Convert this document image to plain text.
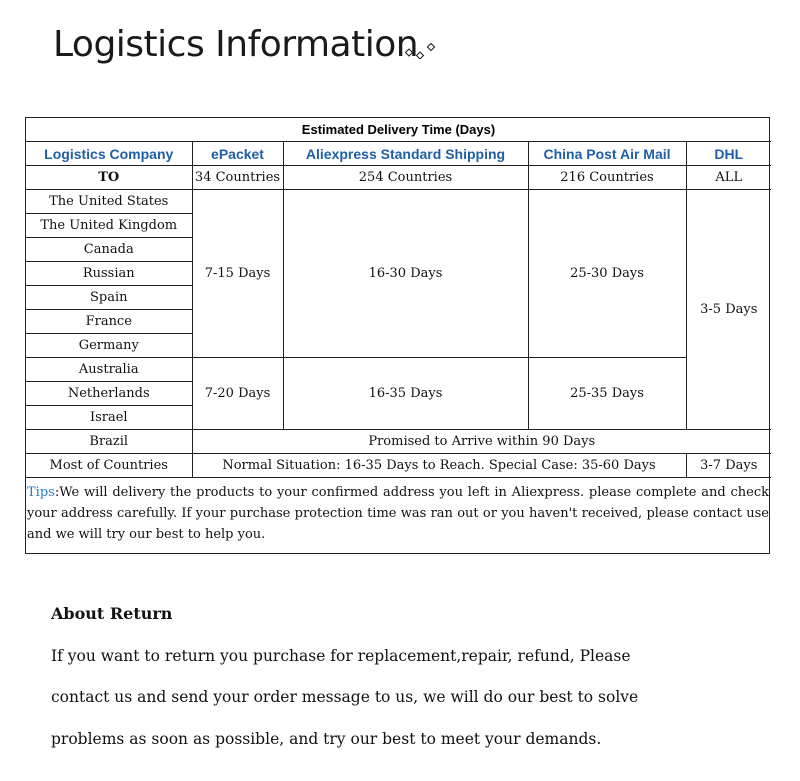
Logistics Information
Estimated Delivery Time (Days)				
Logistics Company	ePacket	Aliexpress Standard Shipping	China Post Air Mail	DHL
TO	34 Countries	254 Countries	216 Countries	ALL
The United States	7-15 Days	16-30 Days	25-30 Days	3-5 Days
The United Kingdom				
Canada				
Russian				
Spain				
France				
Germany				
Australia	7-20 Days	16-35 Days	25-35 Days	
Netherlands				
Israel				
Brazil	Promised to Arrive within 90 Days			
Most of Countries	Normal Situation: 16-35 Days to Reach. Special Case: 35-60 Days			3-7 Days
Tips:We will delivery the products to your confirmed address you left in Aliexpress. please complete and check your address carefully. If your purchase protection time was ran out or you haven't received, please contact use and we will try our best to help you.
About Return
If you want to return you purchase for replacement,repair, refund, Please
contact us and send your order message to us, we will do our best to solve
problems as soon as possible, and try our best to meet your demands.
